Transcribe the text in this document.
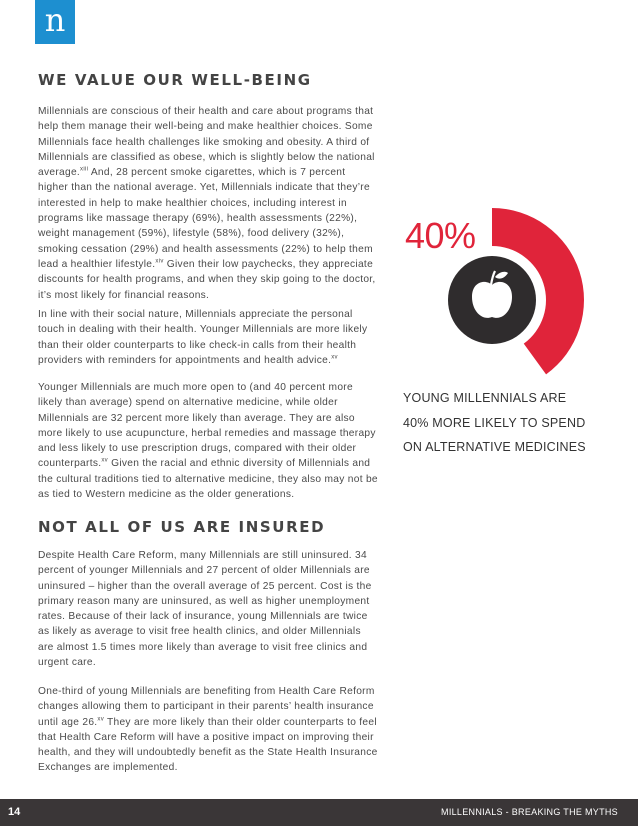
n
WE VALUE OUR WELL-BEING

Millennials are conscious of their health and care about programs that help them manage their well-being and make healthier choices. Some Millennials face health challenges like smoking and obesity. A third of Millennials are classified as obese, which is slightly below the national average.$^{xiii}$ And, 28 percent smoke cigarettes, which is 7 percent higher than the national average. Yet, Millennials indicate that they’re interested in help to make healthier choices, including interest in programs like massage therapy (69%), health assessments (22%), weight management (59%), lifestyle (58%), food delivery (32%), smoking cessation (29%) and health assessments (22%) to help them lead a healthier lifestyle.$^{xiv}$ Given their low paychecks, they appreciate discounts for health programs, and when they skip going to the doctor, it’s most likely for financial reasons.

In line with their social nature, Millennials appreciate the personal touch in dealing with their health. Younger Millennials are more likely than their older counterparts to like check-in calls from their health providers with reminders for appointments and health advice.$^{xv}$

Younger Millennials are much more open to (and 40 percent more likely than average) spend on alternative medicine, while older Millennials are 32 percent more likely than average. They are also more likely to use acupuncture, herbal remedies and massage therapy and less likely to use prescription drugs, compared with their older counterparts.$^{xv}$ Given the racial and ethnic diversity of Millennials and the cultural traditions tied to alternative medicine, they also may not be as tied to Western medicine as the older generations.

NOT ALL OF US ARE INSURED

Despite Health Care Reform, many Millennials are still uninsured. 34 percent of younger Millennials and 27 percent of older Millennials are uninsured – higher than the overall average of 25 percent. Cost is the primary reason many are uninsured, as well as higher unemployment rates. Because of their lack of insurance, young Millennials are twice as likely as average to visit free health clinics, and older Millennials are almost 1.5 times more likely than average to visit free clinics and urgent care.

One-third of young Millennials are benefiting from Health Care Reform changes allowing them to participant in their parents’ health insurance until age 26.$^{xv}$ They are more likely than their older counterparts to feel that Health Care Reform will have a positive impact on improving their health, and they will undoubtedly benefit as the State Health Insurance Exchanges are implemented.

40%
YOUNG MILLENNIALS ARE
40% MORE LIKELY TO SPEND
ON ALTERNATIVE MEDICINES
14	MILLENNIALS - BREAKING THE MYTHS
